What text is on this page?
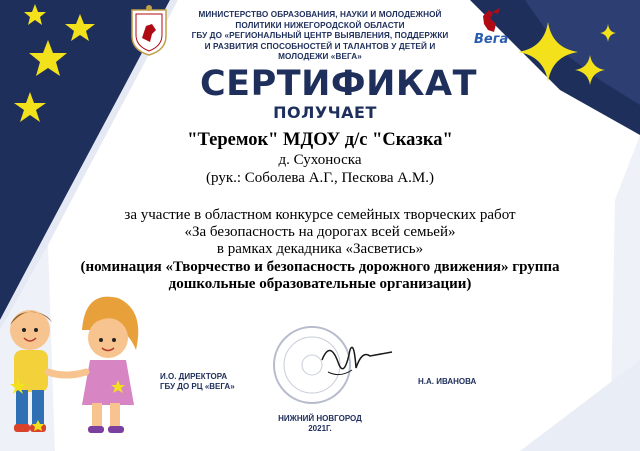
МИНИСТЕРСТВО ОБРАЗОВАНИЯ, НАУКИ И МОЛОДЕЖНОЙ
ПОЛИТИКИ НИЖЕГОРОДСКОЙ ОБЛАСТИ
ГБУ ДО «РЕГИОНАЛЬНЫЙ ЦЕНТР ВЫЯВЛЕНИЯ, ПОДДЕРЖКИ
И РАЗВИТИЯ СПОСОБНОСТЕЙ И ТАЛАНТОВ У ДЕТЕЙ И
МОЛОДЕЖИ «ВЕГА»
Вега
СЕРТИФИКАТ
ПОЛУЧАЕТ
"Теремок" МДОУ д/с "Сказка"
д. Сухоноска
(рук.: Соболева А.Г., Пескова А.М.)
за участие в областном конкурсе семейных творческих работ
«За безопасность на дорогах всей семьей»
в рамках декадника «Засветись»
(номинация «Творчество и безопасность дорожного движения» группа
дошкольные образовательные организации)
И.О. ДИРЕКТОРА
ГБУ ДО РЦ «ВЕГА»
Н.А. ИВАНОВА
НИЖНИЙ НОВГОРОД
2021Г.
